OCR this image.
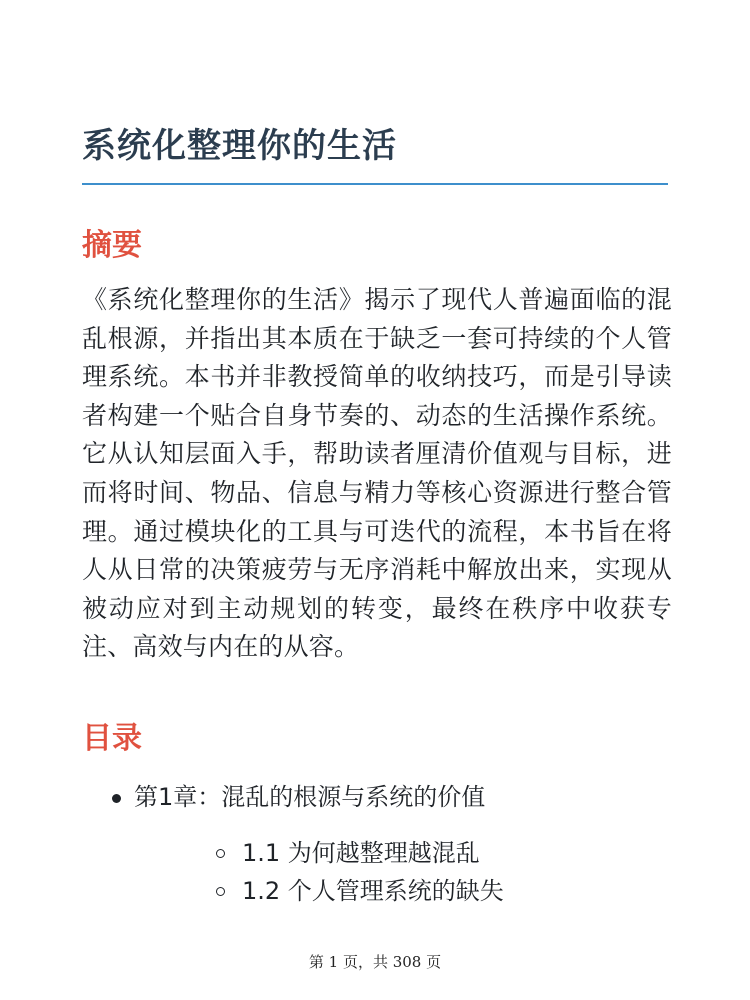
系统化整理你的生活
摘要

《系统化整理你的生活》揭示了现代人普遍面临的混乱根源，并指出其本质在于缺乏一套可持续的个人管理系统。本书并非教授简单的收纳技巧，而是引导读者构建一个贴合自身节奏的、动态的生活操作系统。它从认知层面入手，帮助读者厘清价值观与目标，进而将时间、物品、信息与精力等核心资源进行整合管理。通过模块化的工具与可迭代的流程，本书旨在将人从日常的决策疲劳与无序消耗中解放出来，实现从被动应对到主动规划的转变，最终在秩序中收获专注、高效与内在的从容。

目录
第1章：混乱的根源与系统的价值
1.1 为何越整理越混乱
1.2 个人管理系统的缺失
第 1 页，共 308 页
